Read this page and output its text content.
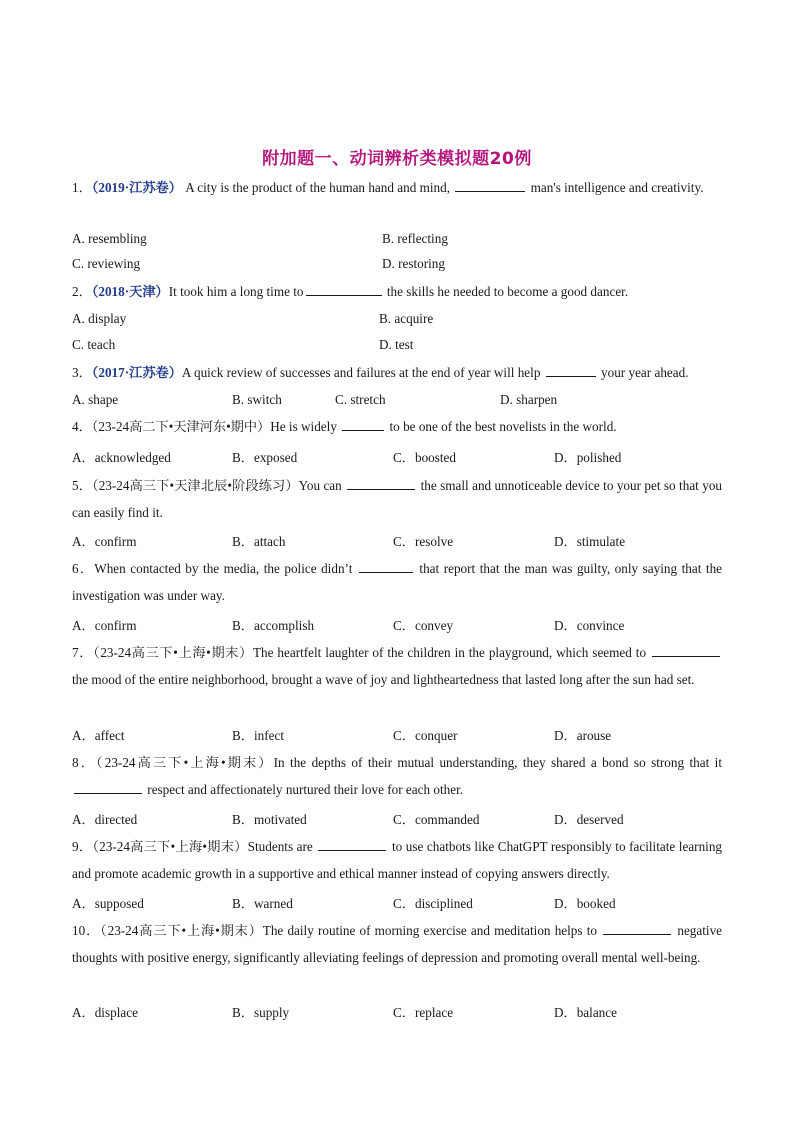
附加题一、动词辨析类模拟题20例
1．（2019·江苏卷） A city is the product of the human hand and mind,	man's intelligence and creativity.
A. resembling	B. reflecting
C. reviewing	D. restoring
2．（2018·天津）It took him a long time to	the skills he needed to become a good dancer.
A. display	B. acquire
C. teach	D. test
3．（2017·江苏卷）A quick review of successes and failures at the end of year will help	your year ahead.
A. shape	B. switch	C. stretch	D. sharpen
4．（23-24高二下•天津河东•期中）He is widely	to be one of the best novelists in the world.
A．acknowledged	B．exposed	C．boosted	D．polished
5．（23-24高三下•天津北辰•阶段练习）You can	the small and unnoticeable device to your pet so that you can easily find it.
A．confirm	B．attach	C．resolve	D．stimulate
6．When contacted by the media, the police didn’t	that report that the man was guilty, only saying that the investigation was under way.
A．confirm	B．accomplish	C．convey	D．convince
7．（23-24高三下•上海•期末）The heartfelt laughter of the children in the playground, which seemed to  the mood of the entire neighborhood, brought a wave of joy and lightheartedness that lasted long after the sun had set.
A．affect	B．infect	C．conquer	D．arouse
8．（23-24高三下•上海•期末）In the depths of their mutual understanding, they shared a bond so strong that it  respect and affectionately nurtured their love for each other.
A．directed	B．motivated	C．commanded	D．deserved
9．（23-24高三下•上海•期末）Students are	to use chatbots like ChatGPT responsibly to facilitate learning and promote academic growth in a supportive and ethical manner instead of copying answers directly.
A．supposed	B．warned	C．disciplined	D．booked
10．（23-24高三下•上海•期末）The daily routine of morning exercise and meditation helps to	negative thoughts with positive energy, significantly alleviating feelings of depression and promoting overall mental well-being.
A．displace	B．supply	C．replace	D．balance
